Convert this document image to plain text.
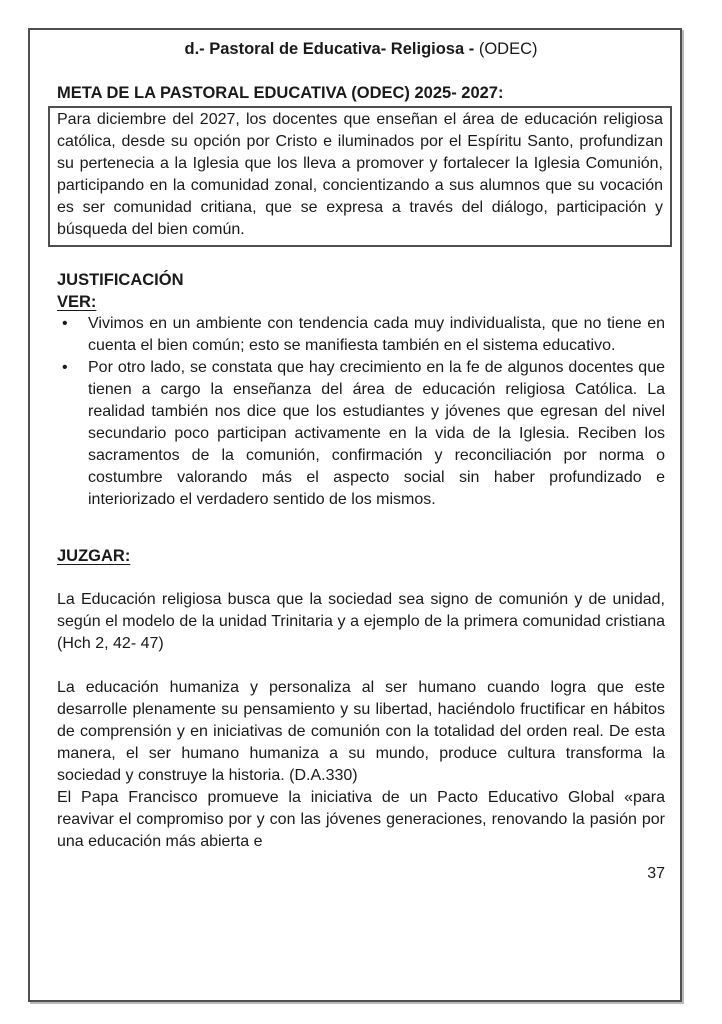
d.- Pastoral de Educativa- Religiosa - (ODEC)

META DE LA PASTORAL EDUCATIVA (ODEC) 2025- 2027:

Para diciembre del 2027, los docentes que enseñan el área de educación religiosa católica, desde su opción por Cristo e iluminados por el Espíritu Santo, profundizan su pertenecia a la Iglesia que los lleva a promover y fortalecer la Iglesia Comunión, participando en la comunidad zonal, concientizando a sus alumnos que su vocación es ser comunidad critiana, que se expresa a través del diálogo, participación y búsqueda del bien común.

JUSTIFICACIÓN

VER:

• Vivimos en un ambiente con tendencia cada muy individualista, que no tiene en cuenta el bien común; esto se manifiesta también en el sistema educativo.
• Por otro lado, se constata que hay crecimiento en la fe de algunos docentes que tienen a cargo la enseñanza del área de educación religiosa Católica. La realidad también nos dice que los estudiantes y jóvenes que egresan del nivel secundario poco participan activamente en la vida de la Iglesia. Reciben los sacramentos de la comunión, confirmación y reconciliación por norma o costumbre valorando más el aspecto social sin haber profundizado e interiorizado el verdadero sentido de los mismos.

JUZGAR:

La Educación religiosa busca que la sociedad sea signo de comunión y de unidad, según el modelo de la unidad Trinitaria y a ejemplo de la primera comunidad cristiana (Hch 2, 42- 47)

La educación humaniza y personaliza al ser humano cuando logra que este desarrolle plenamente su pensamiento y su libertad, haciéndolo fructificar en hábitos de comprensión y en iniciativas de comunión con la totalidad del orden real. De esta manera, el ser humano humaniza a su mundo, produce cultura transforma la sociedad y construye la historia. (D.A.330)

El Papa Francisco promueve la iniciativa de un Pacto Educativo Global «para reavivar el compromiso por y con las jóvenes generaciones, renovando la pasión por una educación más abierta e

37
